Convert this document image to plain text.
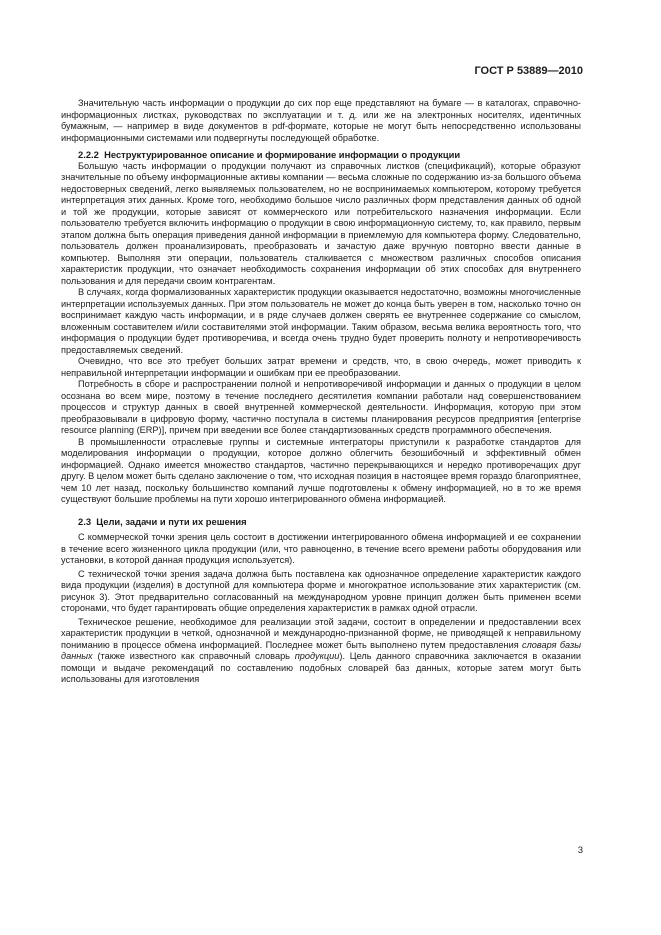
ГОСТ Р 53889—2010

Значительную часть информации о продукции до сих пор еще представляют на бумаге — в каталогах, справочно-информационных листках, руководствах по эксплуатации и т. д. или же на электронных носителях, идентичных бумажным, — например в виде документов в pdf-формате, которые не могут быть непосредственно использованы информационными системами или подвергнуты последующей обработке.

2.2.2 Неструктурированное описание и формирование информации о продукции

Большую часть информации о продукции получают из справочных листков (спецификаций), которые образуют значительные по объему информационные активы компании — весьма сложные по содержанию из-за большого объема недостоверных сведений, легко выявляемых пользователем, но не воспринимаемых компьютером, которому требуется интерпретация этих данных. Кроме того, необходимо большое число различных форм представления данных об одной и той же продукции, которые зависят от коммерческого или потребительского назначения информации. Если пользователю требуется включить информацию о продукции в свою информационную систему, то, как правило, первым этапом должна быть операция приведения данной информации в приемлемую для компьютера форму. Следовательно, пользователь должен проанализировать, преобразовать и зачастую даже вручную повторно ввести данные в компьютер. Выполняя эти операции, пользователь сталкивается с множеством различных способов описания характеристик продукции, что означает необходимость сохранения информации об этих способах для внутреннего пользования и для передачи своим контрагентам.

В случаях, когда формализованных характеристик продукции оказывается недостаточно, возможны многочисленные интерпретации используемых данных. При этом пользователь не может до конца быть уверен в том, насколько точно он воспринимает каждую часть информации, и в ряде случаев должен сверять ее внутреннее содержание со смыслом, вложенным составителем и/или составителями этой информации. Таким образом, весьма велика вероятность того, что информация о продукции будет противоречива, и всегда очень трудно будет проверить полноту и непротиворечивость предоставляемых сведений.

Очевидно, что все это требует больших затрат времени и средств, что, в свою очередь, может приводить к неправильной интерпретации информации и ошибкам при ее преобразовании.

Потребность в сборе и распространении полной и непротиворечивой информации и данных о продукции в целом осознана во всем мире, поэтому в течение последнего десятилетия компании работали над совершенствованием процессов и структур данных в своей внутренней коммерческой деятельности. Информация, которую при этом преобразовывали в цифровую форму, частично поступала в системы планирования ресурсов предприятия [enterprise resource planning (ERP)], причем при введении все более стандартизованных средств программного обеспечения.

В промышленности отраслевые группы и системные интеграторы приступили к разработке стандартов для моделирования информации о продукции, которое должно облегчить безошибочный и эффективный обмен информацией. Однако имеется множество стандартов, частично перекрывающихся и нередко противоречащих друг другу. В целом может быть сделано заключение о том, что исходная позиция в настоящее время гораздо благоприятнее, чем 10 лет назад, поскольку большинство компаний лучше подготовлены к обмену информацией, но в то же время существуют большие проблемы на пути хорошо интегрированного обмена информацией.

2.3 Цели, задачи и пути их решения

С коммерческой точки зрения цель состоит в достижении интегрированного обмена информацией и ее сохранении в течение всего жизненного цикла продукции (или, что равноценно, в течение всего времени работы оборудования или установки, в которой данная продукция используется).

С технической точки зрения задача должна быть поставлена как однозначное определение характеристик каждого вида продукции (изделия) в доступной для компьютера форме и многократное использование этих характеристик (см. рисунок 3). Этот предварительно согласованный на международном уровне принцип должен быть применен всеми сторонами, что будет гарантировать общие определения характеристик в рамках одной отрасли.

Техническое решение, необходимое для реализации этой задачи, состоит в определении и предоставлении всех характеристик продукции в четкой, однозначной и международно-признанной форме, не приводящей к неправильному пониманию в процессе обмена информацией. Последнее может быть выполнено путем предоставления словаря базы данных (также известного как справочный словарь продукции). Цель данного справочника заключается в оказании помощи и выдаче рекомендаций по составлению подобных словарей баз данных, которые затем могут быть использованы для изготовления

3
